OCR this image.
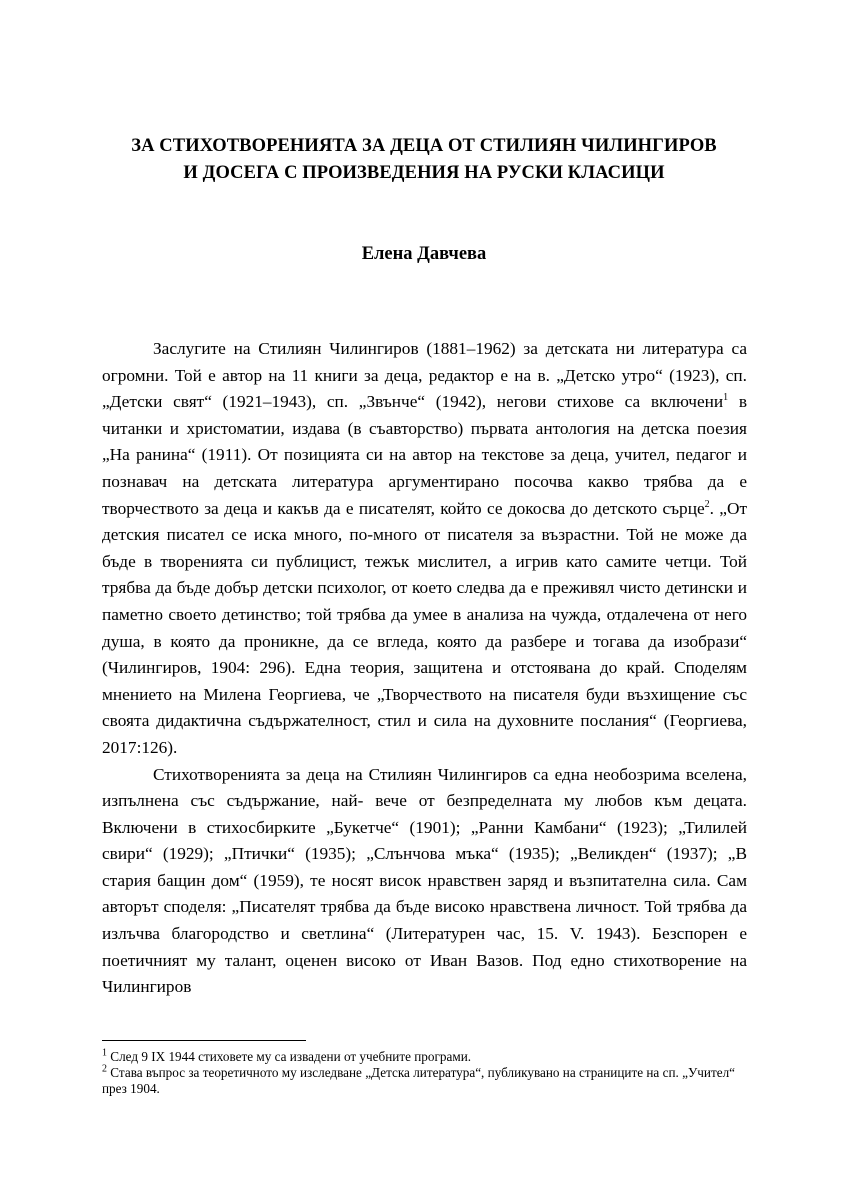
ЗА СТИХОТВОРЕНИЯТА ЗА ДЕЦА ОТ СТИЛИЯН ЧИЛИНГИРОВ
И ДОСЕГА С ПРОИЗВЕДЕНИЯ НА РУСКИ КЛАСИЦИ
Елена Давчева

Заслугите на Стилиян Чилингиров (1881–1962) за детската ни литература са огромни. Той е автор на 11 книги за деца, редактор е на в. „Детско утро“ (1923), сп. „Детски свят“ (1921–1943), сп. „Звънче“ (1942), негови стихове са включени$^1$ в читанки и христоматии, издава (в съавторство) първата антология на детска поезия „На ранина“ (1911). От позицията си на автор на текстове за деца, учител, педагог и познавач на детската литература аргументирано посочва какво трябва да е творчеството за деца и какъв да е писателят, който се докосва до детското сърце$^2$. „От детския писател се иска много, по-много от писателя за възрастни. Той не може да бъде в творенията си публицист, тежък мислител, а игрив като самите четци. Той трябва да бъде добър детски психолог, от което следва да е преживял чисто детински и паметно своето детинство; той трябва да умее в анализа на чужда, отдалечена от него душа, в която да проникне, да се вгледа, която да разбере и тогава да изобрази“ (Чилингиров, 1904: 296). Една теория, защитена и отстоявана до край. Споделям мнението на Милена Георгиева, че „Творчеството на писателя буди възхищение със своята дидактична съдържателност, стил и сила на духовните послания“ (Георгиева, 2017:126).

Стихотворенията за деца на Стилиян Чилингиров са една необозрима вселена, изпълнена със съдържание, най- вече от безпределната му любов към децата. Включени в стихосбирките „Букетче“ (1901); „Ранни Камбани“ (1923); „Тилилей свири“ (1929); „Птички“ (1935); „Слънчова мъка“ (1935); „Великден“ (1937); „В стария бащин дом“ (1959), те носят висок нравствен заряд и възпитателна сила. Сам авторът споделя: „Писателят трябва да бъде високо нравствена личност. Той трябва да излъчва благородство и светлина“ (Литературен час, 15. V. 1943). Безспорен е поетичният му талант, оценен високо от Иван Вазов. Под едно стихотворение на Чилингиров

$^1$ След 9 IX 1944 стиховете му са извадени от учебните програми.

$^2$ Става въпрос за теоретичното му изследване „Детска литература“, публикувано на страниците на сп. „Учител“ през 1904.
